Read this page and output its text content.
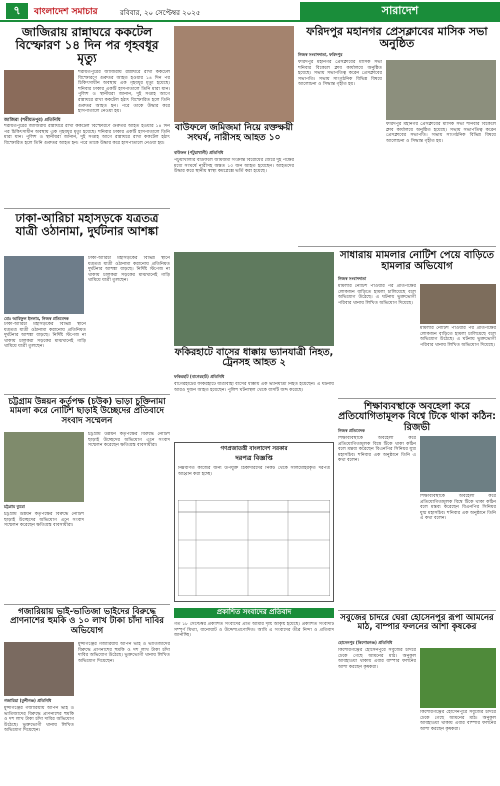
৭	বাংলাদেশ সমাচার	রবিবার, ২০ সেপ্টেম্বর ২০২৫	সারাদেশ
জাজিরায় রান্নাঘরে ককটেল বিস্ফোরণ ১৪ দিন পর গৃহবধূর মৃত্যু
জাজিরা (শরীয়তপুর) প্রতিনিধি
শরীয়তপুরের জাজিরায় রান্নাঘরে রাখা ককটেল বিস্ফোরণে গুরুতর আহত হওয়ার ১৪ দিন পর চিকিৎসাধীন অবস্থায় এক গৃহবধূর মৃত্যু হয়েছে। শনিবার ঢাকার একটি হাসপাতালে তিনি মারা যান। পুলিশ ও স্থানীয়রা জানান, দুই সপ্তাহ আগে রান্নাঘরে রাখা ককটেল হঠাৎ বিস্ফোরিত হলে তিনি গুরুতর আহত হন। পরে তাকে উদ্ধার করে হাসপাতালে নেওয়া হয়।
শরীয়তপুরের জাজিরায় রান্নাঘরে রাখা ককটেল বিস্ফোরণে গুরুতর আহত হওয়ার ১৪ দিন পর চিকিৎসাধীন অবস্থায় এক গৃহবধূর মৃত্যু হয়েছে। শনিবার ঢাকার একটি হাসপাতালে তিনি মারা যান। পুলিশ ও স্থানীয়রা জানান, দুই সপ্তাহ আগে রান্নাঘরে রাখা ককটেল হঠাৎ বিস্ফোরিত হলে তিনি গুরুতর আহত হন। পরে তাকে উদ্ধার করে হাসপাতালে নেওয়া হয়।
ঢাকা-আরিচা মহাসড়কে যত্রতত্র যাত্রী ওঠানামা, দুর্ঘটনার আশঙ্কা
মোঃ আরিফুল ইসলাম, নিজস্ব প্রতিবেদক
ঢাকা-আরিচা মহাসড়কের বিভিন্ন স্থানে যত্রতত্র যাত্রী ওঠানামা করানোয় প্রতিনিয়ত দুর্ঘটনার আশঙ্কা বাড়ছে। নির্দিষ্ট স্টপেজ না থাকায় চালকরা সড়কের মাঝখানেই গাড়ি থামিয়ে যাত্রী তুলছেন।
ঢাকা-আরিচা মহাসড়কের বিভিন্ন স্থানে যত্রতত্র যাত্রী ওঠানামা করানোয় প্রতিনিয়ত দুর্ঘটনার আশঙ্কা বাড়ছে। নির্দিষ্ট স্টপেজ না থাকায় চালকরা সড়কের মাঝখানেই গাড়ি থামিয়ে যাত্রী তুলছেন।
চট্টগ্রাম উন্নয়ন কর্তৃপক্ষ (চউক) ভাড়া চুক্তিনামা মামলা করে নোটিশ ছাড়াই উচ্ছেদের প্রতিবাদে সংবাদ সম্মেলন
চট্টগ্রাম ব্যুরো
চট্টগ্রাম উন্নয়ন কর্তৃপক্ষের বিরুদ্ধে নোটিশ ছাড়াই উচ্ছেদের অভিযোগ এনে সংবাদ সম্মেলন করেছেন ক্ষতিগ্রস্ত ব্যবসায়ীরা।
চট্টগ্রাম উন্নয়ন কর্তৃপক্ষের বিরুদ্ধে নোটিশ ছাড়াই উচ্ছেদের অভিযোগ এনে সংবাদ সম্মেলন করেছেন ক্ষতিগ্রস্ত ব্যবসায়ীরা।
গজারিয়ায় ভাই-ভাতিজা ভাইদের বিরুদ্ধে প্রাণনাশের হুমকি ও ১০ লাখ টাকা চাঁদা দাবির অভিযোগ
গজারিয়া (মুন্সীগঞ্জ) প্রতিনিধি
মুন্সীগঞ্জের গজারিয়ায় আপন ভাই ও ভাতিজাদের বিরুদ্ধে প্রাণনাশের হুমকি ও দশ লাখ টাকা চাঁদা দাবির অভিযোগ উঠেছে। ভুক্তভোগী থানায় লিখিত অভিযোগ দিয়েছেন।
মুন্সীগঞ্জের গজারিয়ায় আপন ভাই ও ভাতিজাদের বিরুদ্ধে প্রাণনাশের হুমকি ও দশ লাখ টাকা চাঁদা দাবির অভিযোগ উঠেছে। ভুক্তভোগী থানায় লিখিত অভিযোগ দিয়েছেন।
বাউফলে জমিজমা নিয়ে রক্তক্ষয়ী সংঘর্ষ, নারীসহ আহত ১০
বাউফল (পটুয়াখালী) প্রতিনিধি
পটুয়াখালীর বাউফলে জমিজমা সংক্রান্ত বিরোধের জেরে দুই পক্ষের মধ্যে সংঘর্ষে নারীসহ অন্তত ১০ জন আহত হয়েছেন। আহতদের উদ্ধার করে স্থানীয় স্বাস্থ্য কমপ্লেক্সে ভর্তি করা হয়েছে।
ফকিরহাটে বাসের ধাক্কায় ভ্যানযাত্রী নিহত, ট্রেনসহ আহত ২
ফকিরহাট (বাগেরহাট) প্রতিনিধি
বাগেরহাটের ফকিরহাটে যাত্রীবাহী বাসের ধাক্কায় এক ভ্যানযাত্রী নিহত হয়েছেন। এ ঘটনায় আরও দুজন আহত হয়েছেন। পুলিশ ঘটনাস্থল থেকে বাসটি জব্দ করেছে।
গণপ্রজাতন্ত্রী বাংলাদেশ সরকার
দরপত্র বিজ্ঞপ্তি
নিম্নবর্ণিত কাজের জন্য উপযুক্ত ঠিকাদারদের নিকট থেকে সীলমোহরকৃত দরপত্র আহ্বান করা হচ্ছে।
প্রকাশিত সংবাদের প্রতিবাদ
গত ১৮ সেপ্টেম্বর প্রকাশিত সংবাদের প্রতি আমার দৃষ্টি আকৃষ্ট হয়েছে। প্রকাশিত সংবাদটি সম্পূর্ণ মিথ্যা, বানোয়াট ও উদ্দেশ্যপ্রণোদিত। আমি এ সংবাদের তীব্র নিন্দা ও প্রতিবাদ জানাচ্ছি।
ফরিদপুর মহানগর প্রেসক্লাবের মাসিক সভা অনুষ্ঠিত
নিজস্ব সংবাদদাতা, ফরিদপুর
ফরিদপুর মহানগর প্রেসক্লাবের মাসিক সভা শনিবার বিকেলে ক্লাব কার্যালয়ে অনুষ্ঠিত হয়েছে। সভায় সভাপতিত্ব করেন প্রেসক্লাবের সভাপতি। সভায় সাংগঠনিক বিভিন্ন বিষয়ে আলোচনা ও সিদ্ধান্ত গৃহীত হয়।
ফরিদপুর মহানগর প্রেসক্লাবের মাসিক সভা শনিবার বিকেলে ক্লাব কার্যালয়ে অনুষ্ঠিত হয়েছে। সভায় সভাপতিত্ব করেন প্রেসক্লাবের সভাপতি। সভায় সাংগঠনিক বিভিন্ন বিষয়ে আলোচনা ও সিদ্ধান্ত গৃহীত হয়।
সাধারায় মামলার নোটিশ পেয়ে বাড়িতে হামলার অভিযোগ
নিজস্ব সংবাদদাতা
মামলার নোটিশ পাওয়ার পর প্রতিপক্ষের লোকজন বাড়িতে হামলা চালিয়েছে বলে অভিযোগ উঠেছে। এ ঘটনায় ভুক্তভোগী পরিবার থানায় লিখিত অভিযোগ দিয়েছে।
মামলার নোটিশ পাওয়ার পর প্রতিপক্ষের লোকজন বাড়িতে হামলা চালিয়েছে বলে অভিযোগ উঠেছে। এ ঘটনায় ভুক্তভোগী পরিবার থানায় লিখিত অভিযোগ দিয়েছে।
শিক্ষাব্যবস্থাকে অবহেলা করে প্রতিযোগিতামূলক বিশ্বে টিকে থাকা কঠিন: রিজভী
নিজস্ব প্রতিবেদক
শিক্ষাব্যবস্থাকে অবহেলা করে প্রতিযোগিতামূলক বিশ্বে টিকে থাকা কঠিন বলে মন্তব্য করেছেন বিএনপির সিনিয়র যুগ্ম মহাসচিব। শনিবার এক অনুষ্ঠানে তিনি এ কথা বলেন।
শিক্ষাব্যবস্থাকে অবহেলা করে প্রতিযোগিতামূলক বিশ্বে টিকে থাকা কঠিন বলে মন্তব্য করেছেন বিএনপির সিনিয়র যুগ্ম মহাসচিব। শনিবার এক অনুষ্ঠানে তিনি এ কথা বলেন।
সবুজের চাদরে ঘেরা হোসেনপুর রূপা আমনের মাঠ, বাম্পার ফলনের আশা কৃষকের
হোসেনপুর (কিশোরগঞ্জ) প্রতিনিধি
কিশোরগঞ্জের হোসেনপুরে সবুজের চাদরে ঢেকে গেছে আমনের মাঠ। অনুকূল আবহাওয়া থাকায় এবার বাম্পার ফলনের আশা করছেন কৃষকরা।
কিশোরগঞ্জের হোসেনপুরে সবুজের চাদরে ঢেকে গেছে আমনের মাঠ। অনুকূল আবহাওয়া থাকায় এবার বাম্পার ফলনের আশা করছেন কৃষকরা।
